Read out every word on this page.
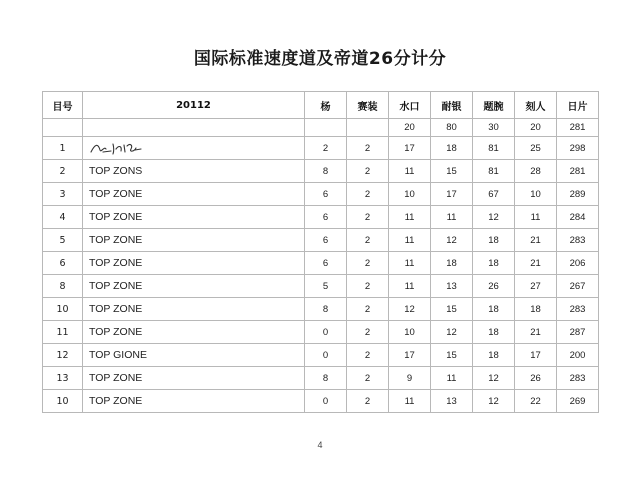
国际标准速度道及帝道26分计分
目号	20112	杨	赛装	水口	耐银	题腕	刻人	日片
				20	80	30	20	281
1		2	2	17	18	81	25	298
2	TOP ZONS	8	2	11	15	81	28	281
3	TOP ZONE	6	2	10	17	67	10	289
4	TOP ZONE	6	2	11	11	12	11	284
5	TOP ZONE	6	2	11	12	18	21	283
6	TOP ZONE	6	2	11	18	18	21	206
8	TOP ZONE	5	2	11	13	26	27	267
10	TOP ZONE	8	2	12	15	18	18	283
11	TOP ZONE	0	2	10	12	18	21	287
12	TOP GIONE	0	2	17	15	18	17	200
13	TOP ZONE	8	2	9	11	12	26	283
10	TOP ZONE	0	2	11	13	12	22	269
4
